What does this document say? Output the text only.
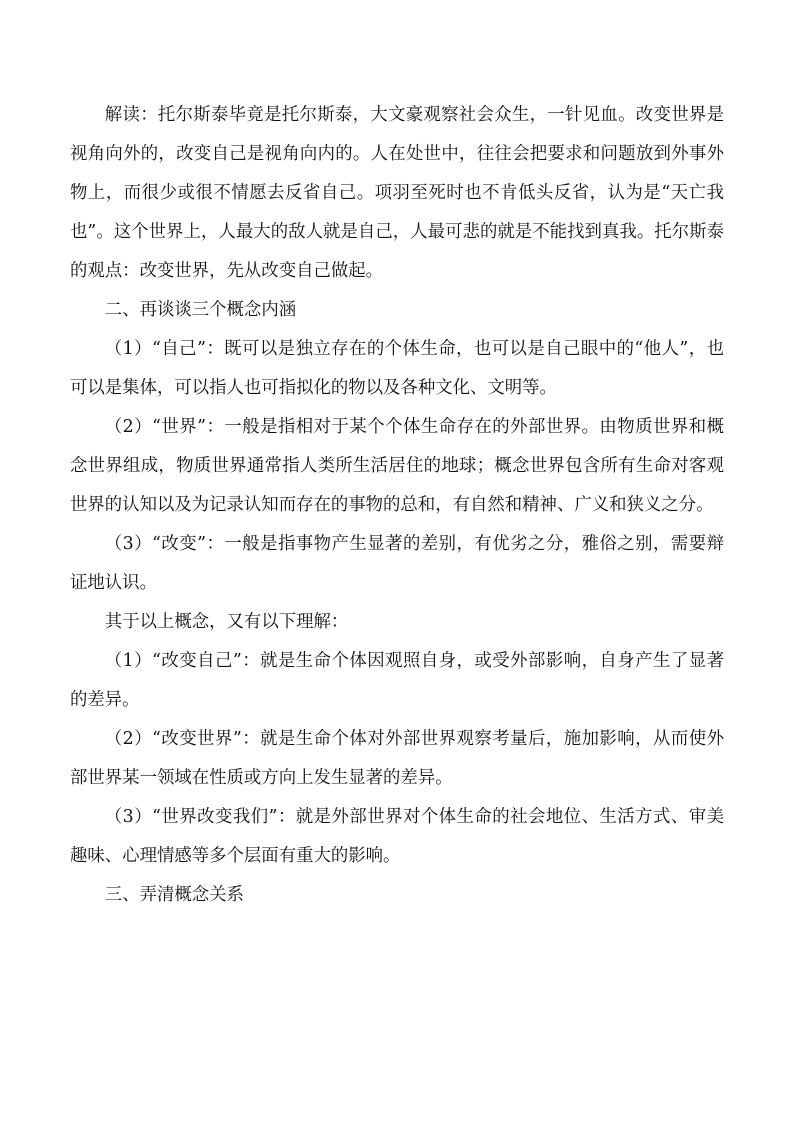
解读：托尔斯泰毕竟是托尔斯泰，大文豪观察社会众生，一针见血。改变世界是视角向外的，改变自己是视角向内的。人在处世中，往往会把要求和问题放到外事外物上，而很少或很不情愿去反省自己。项羽至死时也不肯低头反省，认为是“天亡我也”。这个世界上，人最大的敌人就是自己，人最可悲的就是不能找到真我。托尔斯泰的观点：改变世界，先从改变自己做起。

二、再谈谈三个概念内涵

（1）“自己”：既可以是独立存在的个体生命，也可以是自己眼中的“他人”，也可以是集体，可以指人也可指拟化的物以及各种文化、文明等。

（2）“世界”：一般是指相对于某个个体生命存在的外部世界。由物质世界和概念世界组成，物质世界通常指人类所生活居住的地球；概念世界包含所有生命对客观世界的认知以及为记录认知而存在的事物的总和，有自然和精神、广义和狭义之分。

（3）“改变”：一般是指事物产生显著的差别，有优劣之分，雅俗之别，需要辩证地认识。

其于以上概念，又有以下理解：

（1）“改变自己”：就是生命个体因观照自身，或受外部影响，自身产生了显著的差异。

（2）“改变世界”：就是生命个体对外部世界观察考量后，施加影响，从而使外部世界某一领域在性质或方向上发生显著的差异。

（3）“世界改变我们”：就是外部世界对个体生命的社会地位、生活方式、审美趣味、心理情感等多个层面有重大的影响。

三、弄清概念关系
